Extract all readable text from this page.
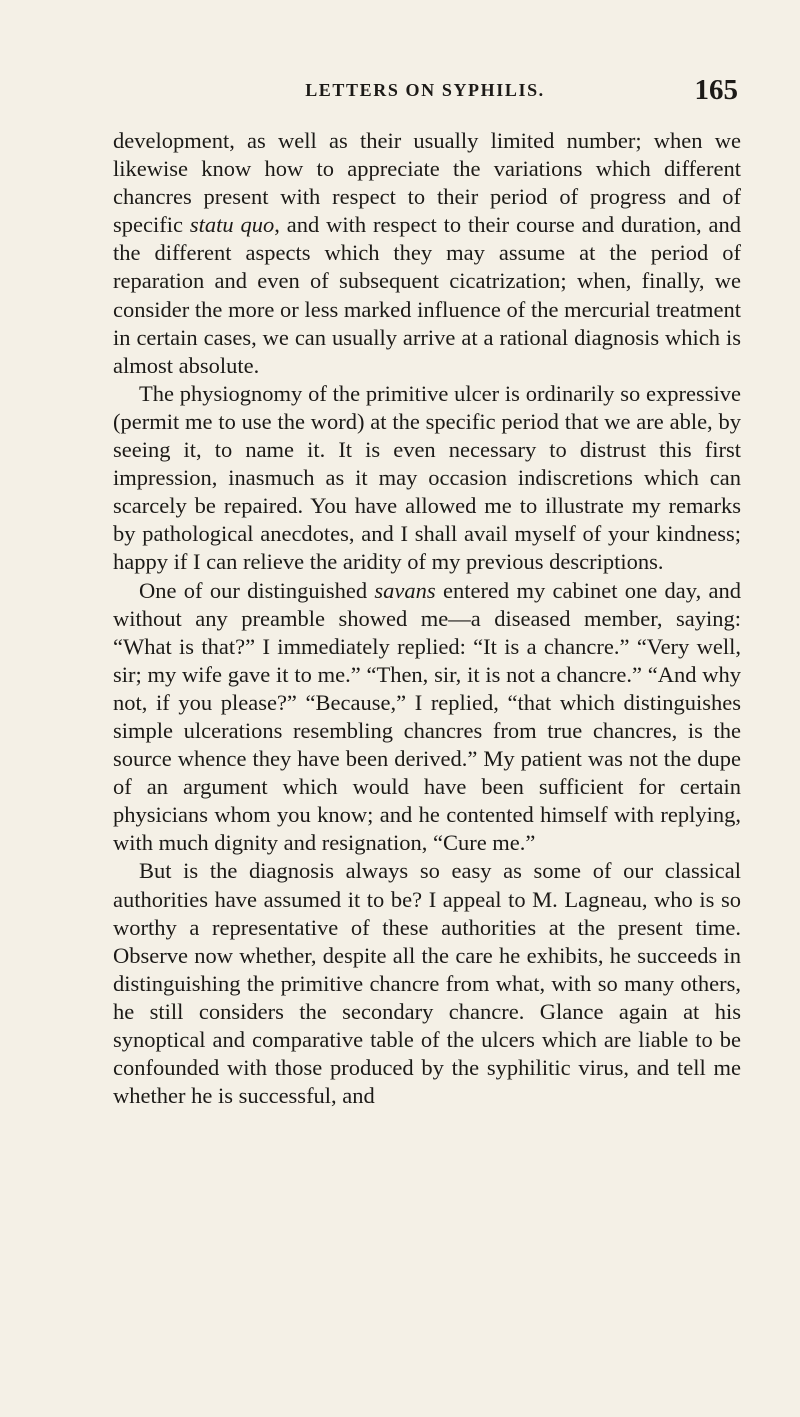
LETTERS ON SYPHILIS.	165

development, as well as their usually limited number; when we likewise know how to appreciate the variations which different chancres present with respect to their period of progress and of specific statu quo, and with respect to their course and duration, and the different aspects which they may assume at the period of reparation and even of subsequent cicatrization; when, finally, we consider the more or less marked influence of the mercurial treatment in certain cases, we can usually arrive at a rational diagnosis which is almost absolute.

The physiognomy of the primitive ulcer is ordinarily so expressive (permit me to use the word) at the specific period that we are able, by seeing it, to name it. It is even necessary to distrust this first impression, inasmuch as it may occasion indiscretions which can scarcely be repaired. You have allowed me to illustrate my remarks by pathological anecdotes, and I shall avail myself of your kindness; happy if I can relieve the aridity of my previous descriptions.

One of our distinguished savans entered my cabinet one day, and without any preamble showed me—a diseased member, saying: “What is that?” I immediately replied: “It is a chancre.” “Very well, sir; my wife gave it to me.” “Then, sir, it is not a chancre.” “And why not, if you please?” “Because,” I replied, “that which distinguishes simple ulcerations resembling chancres from true chancres, is the source whence they have been derived.” My patient was not the dupe of an argument which would have been sufficient for certain physicians whom you know; and he contented himself with replying, with much dignity and resignation, “Cure me.”

But is the diagnosis always so easy as some of our classical authorities have assumed it to be? I appeal to M. Lagneau, who is so worthy a representative of these authorities at the present time. Observe now whether, despite all the care he exhibits, he succeeds in distinguishing the primitive chancre from what, with so many others, he still considers the secondary chancre. Glance again at his synoptical and comparative table of the ulcers which are liable to be confounded with those produced by the syphilitic virus, and tell me whether he is successful, and
